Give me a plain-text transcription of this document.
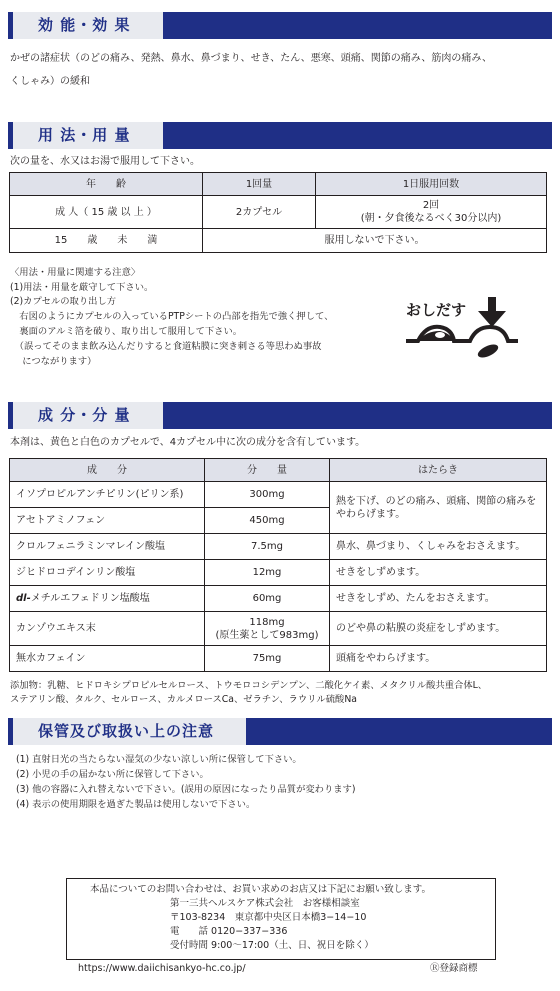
効 能・効 果
かぜの諸症状（のどの痛み、発熱、鼻水、鼻づまり、せき、たん、悪寒、頭痛、関節の痛み、筋肉の痛み、
くしゃみ）の緩和
用 法・用 量
次の量を、水又はお湯で服用して下さい。
年　　齢	1回量	1日服用回数
成 人（ 15 歳 以 上 ）	2カプセル	2回
(朝・夕食後なるべく30分以内)

15　　歳　　未　　満	服用しないで下さい。	
〈用法・用量に関連する注意〉
(1)用法・用量を厳守して下さい。
(2)カプセルの取り出し方
　右図のようにカプセルの入っているPTPシートの凸部を指先で強く押して、
　裏面のアルミ箔を破り、取り出して服用して下さい。
　（誤ってそのまま飲み込んだりすると食道粘膜に突き刺さる等思わぬ事故
　 につながります）
おしだす
成 分・分 量
本剤は、黄色と白色のカプセルで、4カプセル中に次の成分を含有しています。
成　　分	分　　量	はたらき
イソプロピルアンチピリン(ピリン系)	300mg	熱を下げ、のどの痛み、頭痛、関節の痛みを
やわらげます。

アセトアミノフェン	450mg	
クロルフェニラミンマレイン酸塩	7.5mg	鼻水、鼻づまり、くしゃみをおさえます。
ジヒドロコデインリン酸塩	12mg	せきをしずめます。
dl-メチルエフェドリン塩酸塩	60mg	せきをしずめ、たんをおさえます。
カンゾウエキス末	118mg
(原生薬として983mg)	のどや鼻の粘膜の炎症をしずめます。
無水カフェイン	75mg	頭痛をやわらげます。
添加物：乳糖、ヒドロキシプロピルセルロース、トウモロコシデンプン、二酸化ケイ素、メタクリル酸共重合体L、
ステアリン酸、タルク、セルロース、カルメロースCa、ゼラチン、ラウリル硫酸Na
保管及び取扱い上の注意
(1) 直射日光の当たらない湿気の少ない涼しい所に保管して下さい。
(2) 小児の手の届かない所に保管して下さい。
(3) 他の容器に入れ替えないで下さい。(誤用の原因になったり品質が変わります)
(4) 表示の使用期限を過ぎた製品は使用しないで下さい。
本品についてのお問い合わせは、お買い求めのお店又は下記にお願い致します。
第一三共ヘルスケア株式会社　お客様相談室
〒103-8234　東京都中央区日本橋3−14−10
電　　話 0120−337−336
受付時間 9:00〜17:00（土、日、祝日を除く）
https://www.daiichisankyo-hc.co.jp/	Ⓡ登録商標
